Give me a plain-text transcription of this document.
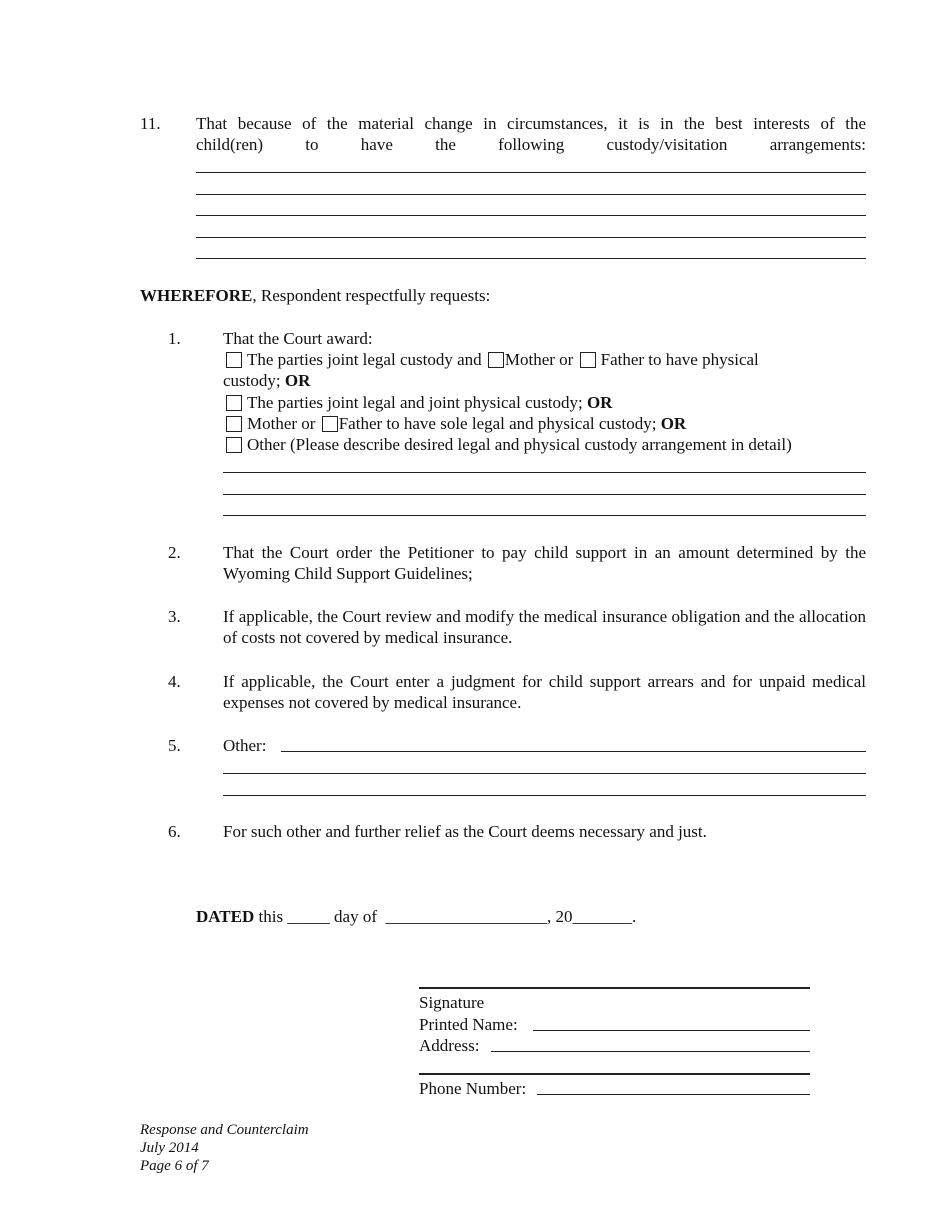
11. That because of the material change in circumstances, it is in the best interests of the
child(ren) to have the following custody/visitation arrangements:
WHEREFORE, Respondent respectfully requests:
1. That the Court award:
The parties joint legal custody and Mother or Father to have physical
custody; OR
The parties joint legal and joint physical custody; OR
Mother or Father to have sole legal and physical custody; OR
Other (Please describe desired legal and physical custody arrangement in detail)
2. That the Court order the Petitioner to pay child support in an amount determined by the Wyoming Child Support Guidelines;
3. If applicable, the Court review and modify the medical insurance obligation and the allocation of costs not covered by medical insurance.
4. If applicable, the Court enter a judgment for child support arrears and for unpaid medical expenses not covered by medical insurance.
5. Other:
6. For such other and further relief as the Court deems necessary and just.
DATED this _____ day of  ___________________, 20_______.
Signature
Printed Name:
Address:
Phone Number:
Response and Counterclaim
July 2014
Page 6 of 7
